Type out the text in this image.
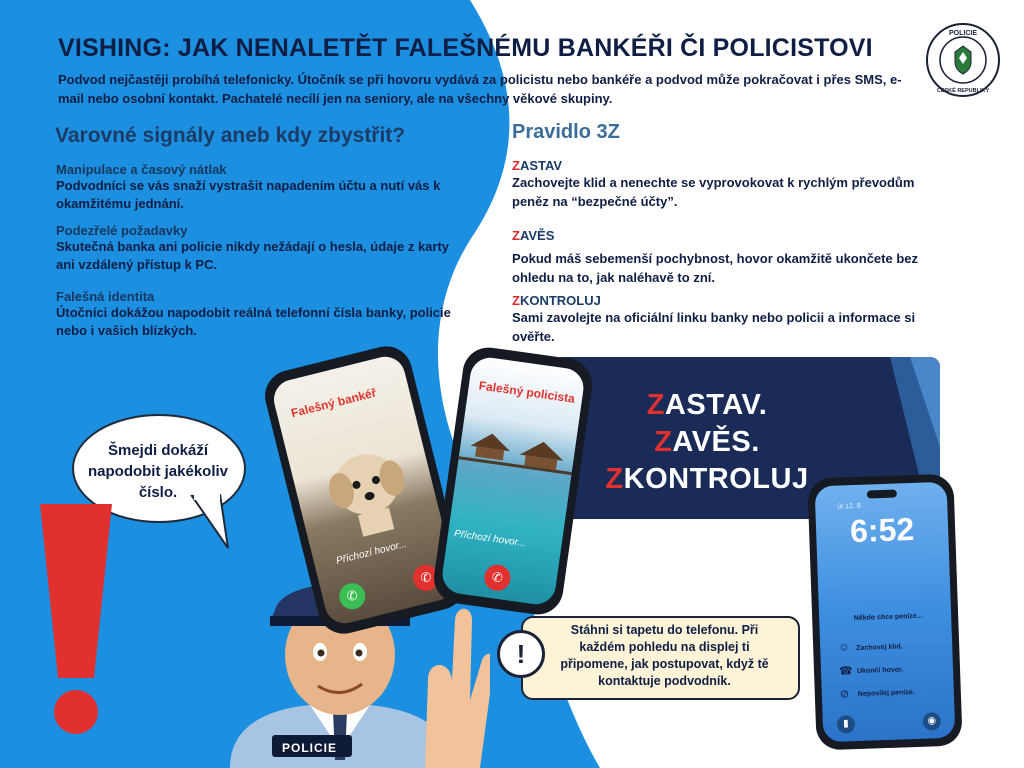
VISHING: JAK NENALETĚT FALEŠNÉMU BANKÉŘI ČI POLICISTOVI
Podvod nejčastěji probíhá telefonicky. Útočník se při hovoru vydává za policistu nebo bankéře a podvod může pokračovat i přes SMS, e-mail nebo osobní kontakt. Pachatelé necílí jen na seniory, ale na všechny věkové skupiny.
POLICIE
ČESKÉ REPUBLIKY
Varovné signály aneb kdy zbystřit?
Manipulace a časový nátlak
Podvodníci se vás snaží vystrašit napadením účtu a nutí vás k okamžitému jednání.
Podezřelé požadavky
Skutečná banka ani policie nikdy nežádají o hesla, údaje z karty ani vzdálený přístup k PC.
Falešná identita
Útočníci dokážou napodobit reálná telefonní čísla banky, policie nebo i vašich blízkých.
Pravidlo 3Z
ZASTAV
Zachovejte klid a nenechte se vyprovokovat k rychlým převodům peněz na “bezpečné účty”.
ZAVĚS
Pokud máš sebemenší pochybnost, hovor okamžitě ukončete bez ohledu na to, jak naléhavě to zní.
ZKONTROLUJ
Sami zavolejte na oficiální linku banky nebo policii a informace si ověřte.
ZASTAV.
ZAVĚS.
ZKONTROLUJ
Šmejdi dokáží napodobit jakékoliv číslo.
POLICIE
Falešný bankéř
Příchozí hovor...
✆
✆
Falešný policista
Příchozí hovor...
✆
Stáhni si tapetu do telefonu. Při každém pohledu na displej ti připomene, jak postupovat, když tě kontaktuje podvodník.
!
út 12. 8.
6:52
Někdo chce peníze...
Zachovej klid.
Ukonči hovor.
Neposílej peníze.
☺
☎
⊘
▮	◉
